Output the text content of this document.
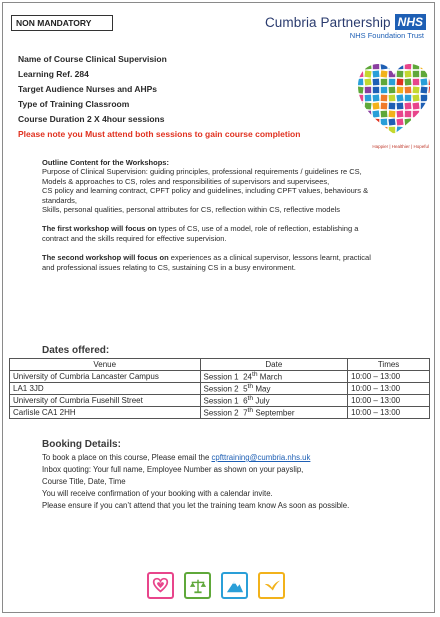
NON MANDATORY	Cumbria Partnership NHS
NHS Foundation Trust
Happier | Healthier | Hopeful
Name of Course Clinical Supervision
Learning Ref. 284
Target Audience Nurses and AHPs
Type of Training Classroom
Course Duration 2 X 4hour sessions
Please note you Must attend both sessions to gain course completion

Outline Content for the Workshops:

Purpose of Clinical Supervision: guiding principles, professional requirements / guidelines re CS,

Models & approaches to CS, roles and responsibilities of supervisors and supervisees,

CS policy and learning contract, CPFT policy and guidelines, including CPFT values, behaviours & standards,

Skills, personal qualities, personal attributes for CS, reflection within CS, reflective models

The first workshop will focus on types of CS, use of a model, role of reflection, establishing a contract and the skills required for effective supervision.

The second workshop will focus on experiences as a clinical supervisor, lessons learnt, practical and professional issues relating to CS, sustaining CS in a busy environment.

Dates offered:
Venue	Date	Times
University of Cumbria Lancaster Campus	Session 1 24th March	10:00 – 13:00
LA1 3JD	Session 2 5th May	10:00 – 13:00
University of Cumbria Fusehill Street	Session 1 6th July	10:00 – 13:00
Carlisle CA1 2HH	Session 2 7th September	10:00 – 13:00
Booking Details:
To book a place on this course, Please email the cpfttraining@cumbria.nhs.uk
Inbox quoting: Your full name, Employee Number as shown on your payslip,
Course Title, Date, Time
You will receive confirmation of your booking with a calendar invite.
Please ensure if you can’t attend that you let the training team know As soon as possible.
